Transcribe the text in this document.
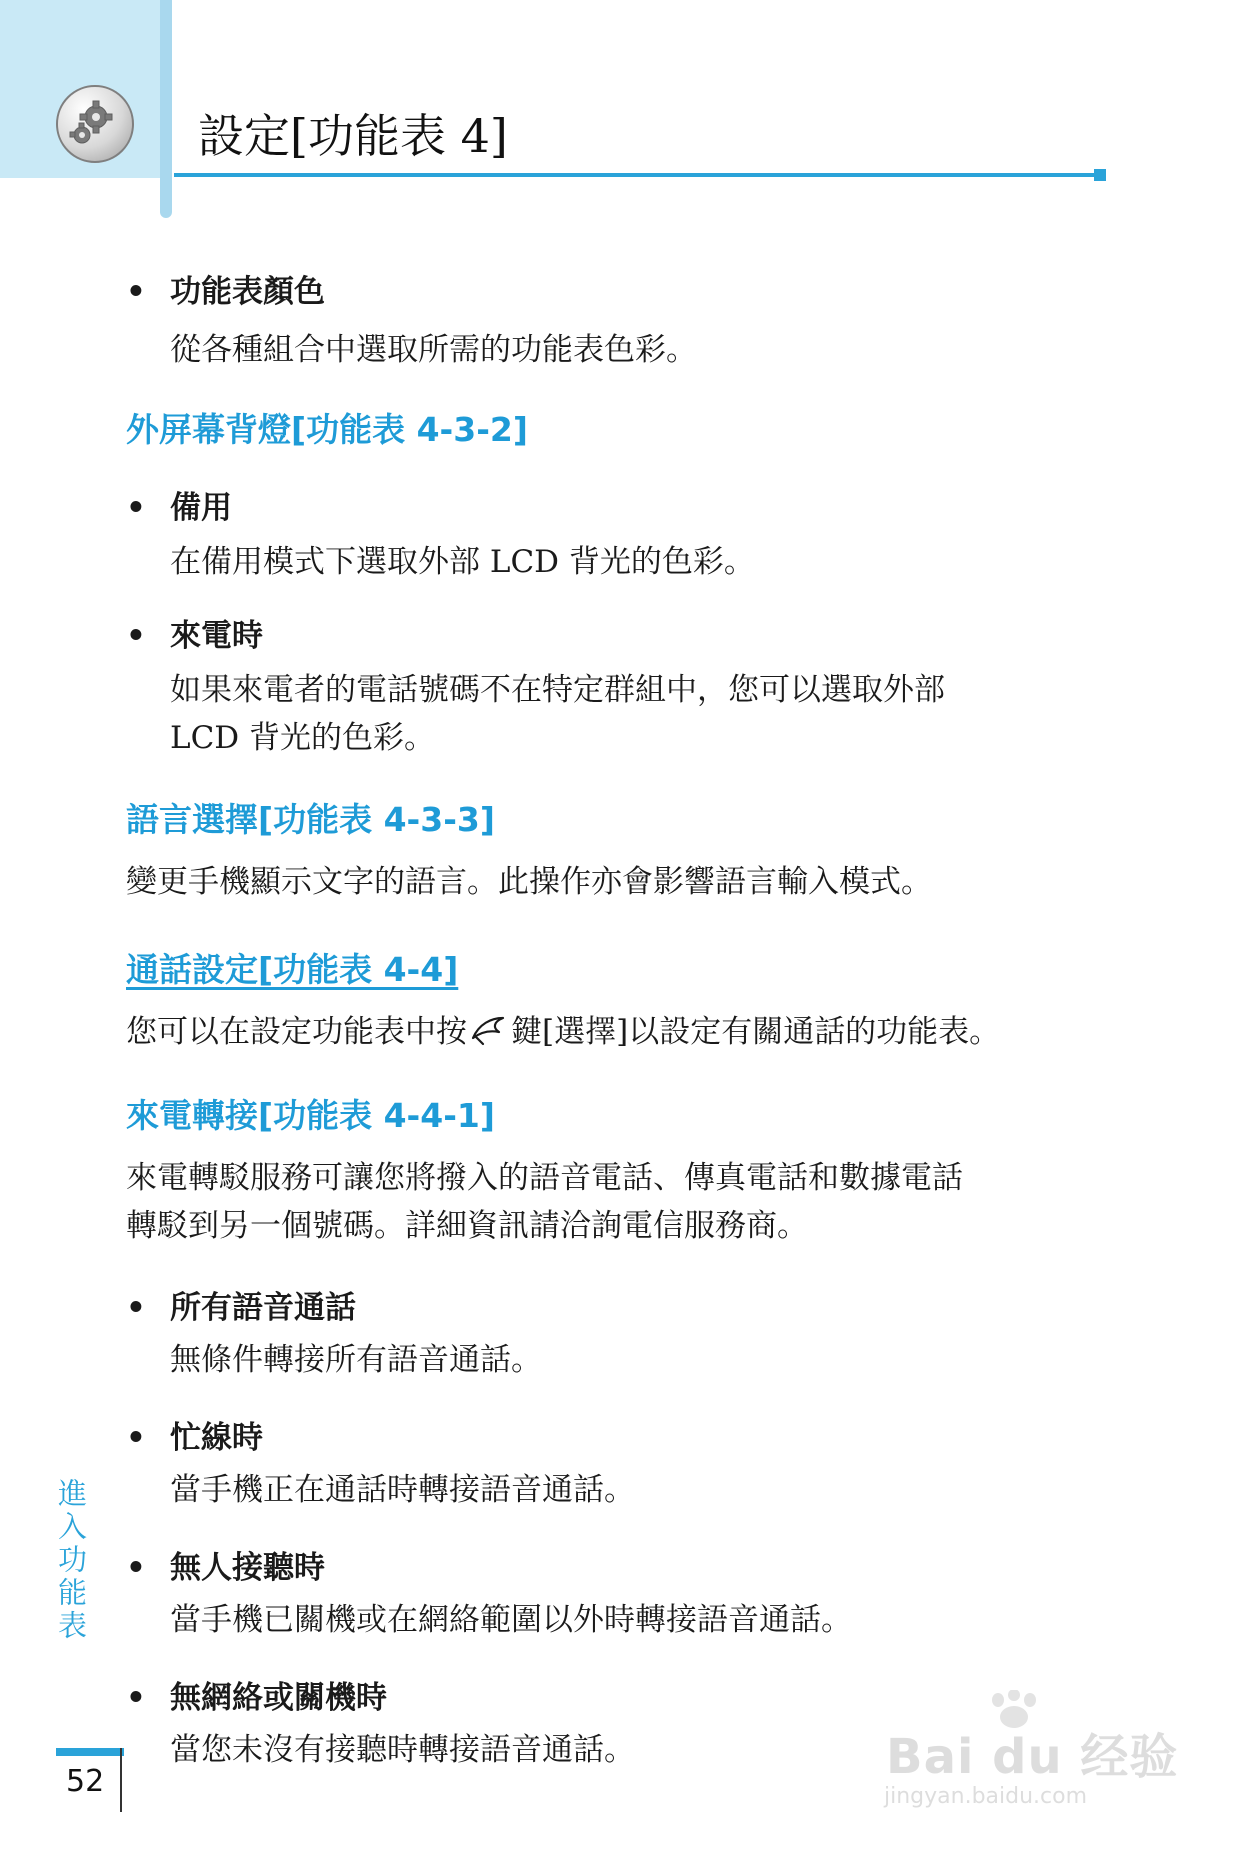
設定[功能表 4]
• 功能表顏色
從各種組合中選取所需的功能表色彩。
外屏幕背燈[功能表 4-3-2]
• 備用
在備用模式下選取外部 LCD 背光的色彩。
• 來電時
如果來電者的電話號碼不在特定群組中，您可以選取外部
LCD 背光的色彩。
語言選擇[功能表 4-3-3]
變更手機顯示文字的語言。此操作亦會影響語言輸入模式。
通話設定[功能表 4-4]
您可以在設定功能表中按 鍵[選擇]以設定有關通話的功能表。
來電轉接[功能表 4-4-1]
來電轉駁服務可讓您將撥入的語音電話、傳真電話和數據電話
轉駁到另一個號碼。詳細資訊請洽詢電信服務商。
• 所有語音通話
無條件轉接所有語音通話。
• 忙線時
當手機正在通話時轉接語音通話。
• 無人接聽時
當手機已關機或在網絡範圍以外時轉接語音通話。
• 無網絡或關機時
當您未沒有接聽時轉接語音通話。
進入功能表
52	Bai du 经验
jingyan.baidu.com
